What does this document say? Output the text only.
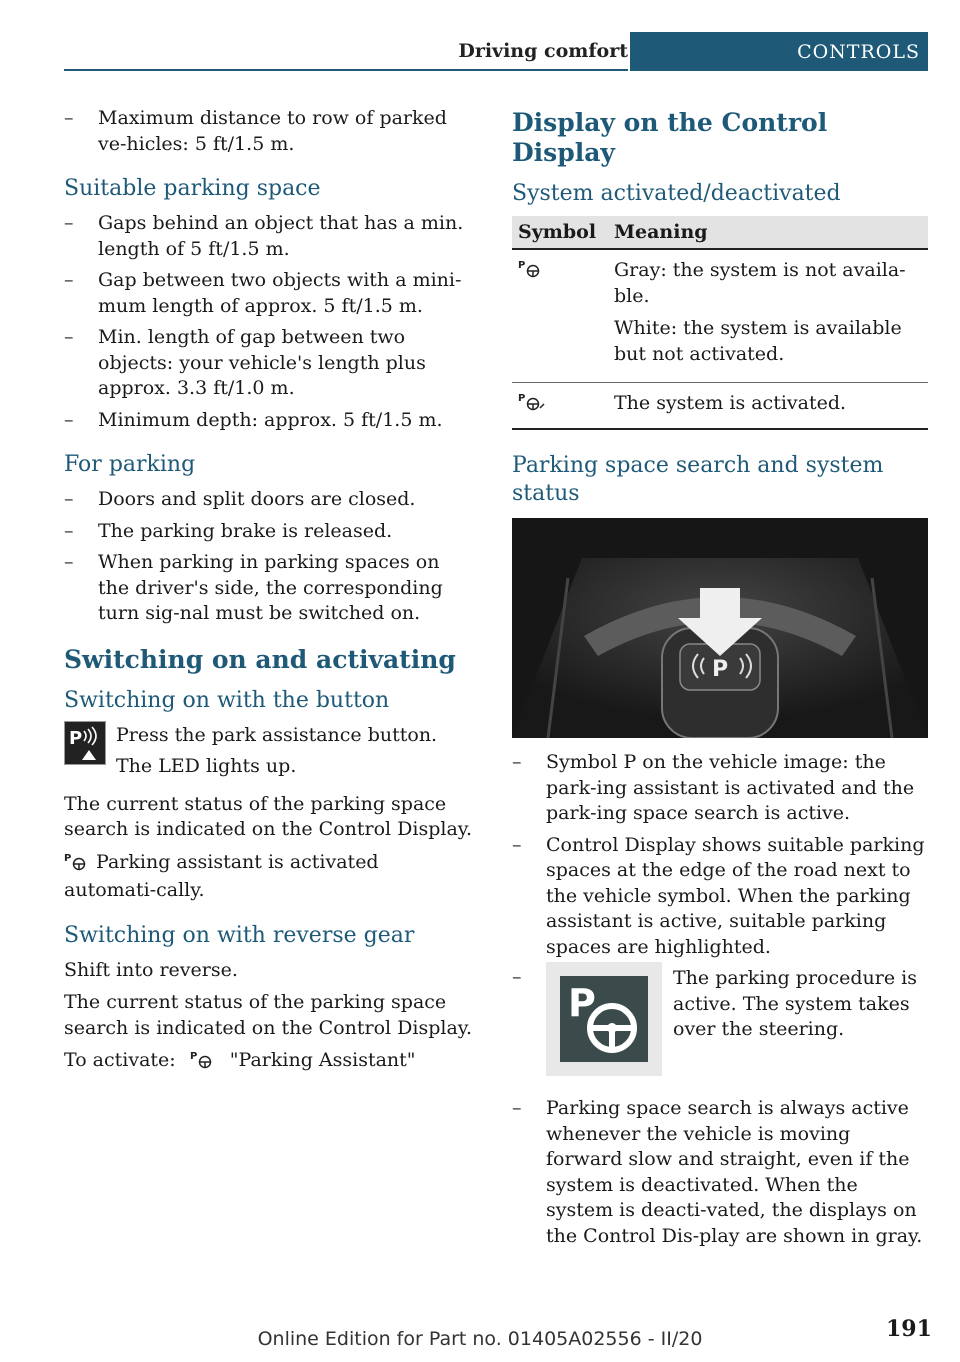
Driving comfort	CONTROLS
– Maximum distance to row of parked ve‐hicles: 5 ft/1.5 m.
Suitable parking space
– Gaps behind an object that has a min. length of 5 ft/1.5 m.
– Gap between two objects with a mini‐mum length of approx. 5 ft/1.5 m.
– Min. length of gap between two objects: your vehicle's length plus approx. 3.3 ft/1.0 m.
– Minimum depth: approx. 5 ft/1.5 m.
For parking
– Doors and split doors are closed.
– The parking brake is released.
– When parking in parking spaces on the driver's side, the corresponding turn sig‐nal must be switched on.
Switching on and activating
Switching on with the button
P Press the park assistance button.

The LED lights up.

The current status of the parking space search is indicated on the Control Display.

P Parking assistant is activated automati‐cally.

Switching on with reverse gear

Shift into reverse.

The current status of the parking space search is indicated on the Control Display.

To activate: P "Parking Assistant"

Display on the Control Display
System activated/deactivated
Symbol	Meaning

P	Gray: the system is not availa‐ble.

White: the system is available but not activated.

P	The system is activated.
Parking space search and system status
P
– Symbol P on the vehicle image: the park‐ing assistant is activated and the park‐ing space search is active.
– Control Display shows suitable parking spaces at the edge of the road next to the vehicle symbol. When the parking assistant is active, suitable parking spaces are highlighted.
– P
The parking procedure is active. The system takes over the steering.
– Parking space search is always active whenever the vehicle is moving forward slow and straight, even if the system is deactivated. When the system is deacti‐vated, the displays on the Control Dis‐play are shown in gray.
191
Online Edition for Part no. 01405A02556 - II/20
